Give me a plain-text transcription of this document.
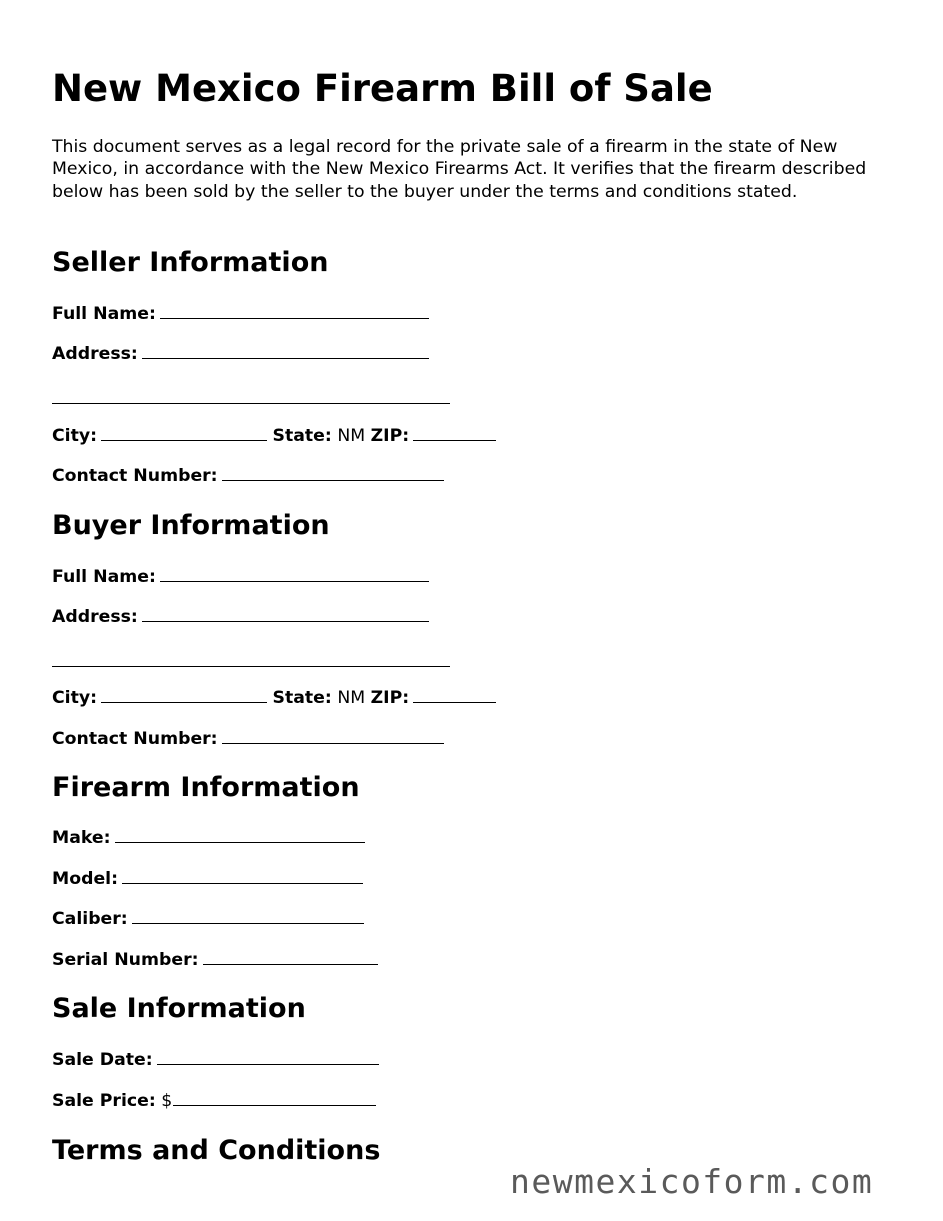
New Mexico Firearm Bill of Sale

This document serves as a legal record for the private sale of a firearm in the state of New Mexico, in accordance with the New Mexico Firearms Act. It verifies that the firearm described below has been sold by the seller to the buyer under the terms and conditions stated.

Seller Information
Full Name:
Address:
City:	State: NM ZIP:
Contact Number:
Buyer Information
Full Name:
Address:
City:	State: NM ZIP:
Contact Number:
Firearm Information
Make:
Model:
Caliber:
Serial Number:
Sale Information
Sale Date:
Sale Price: $
Terms and Conditions
newmexicoform.com
